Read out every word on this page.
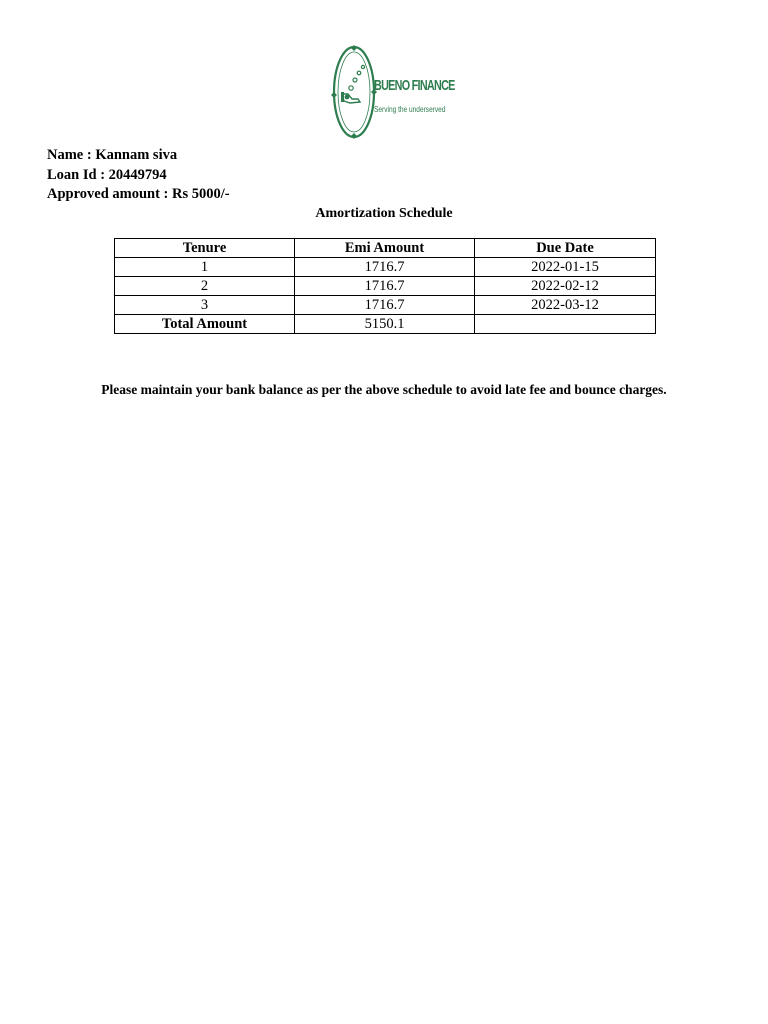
BUENO FINANCE
Serving the underserved
Name : Kannam siva
Loan Id : 20449794
Approved amount : Rs 5000/-
Amortization Schedule
Tenure	Emi Amount	Due Date
1	1716.7	2022-01-15
2	1716.7	2022-02-12
3	1716.7	2022-03-12
Total Amount	5150.1	
Please maintain your bank balance as per the above schedule to avoid late fee and bounce charges.
